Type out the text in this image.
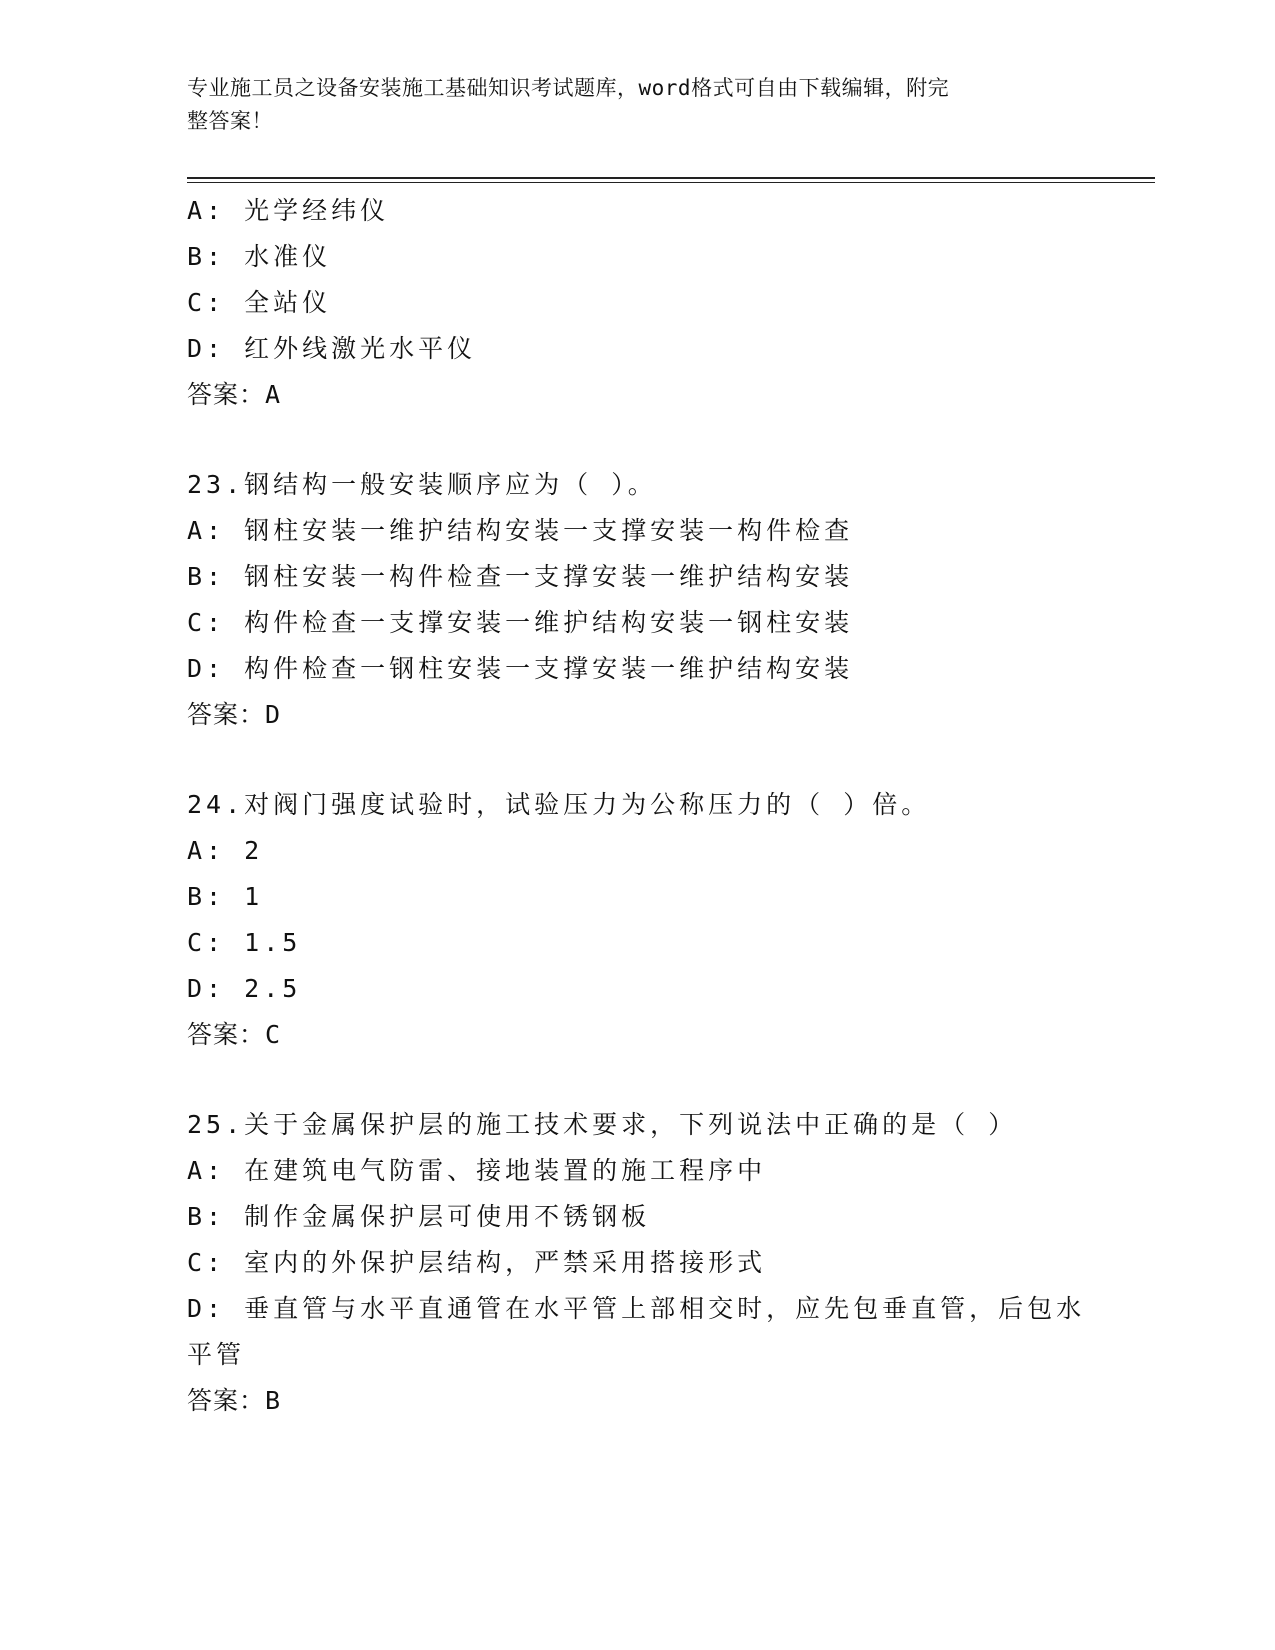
专业施工员之设备安装施工基础知识考试题库，word格式可自由下载编辑，附完
整答案！
A: 光学经纬仪
B: 水准仪
C: 全站仪
D: 红外线激光水平仪
答案：A
23.钢结构一般安装顺序应为（ ）。
A: 钢柱安装一维护结构安装一支撑安装一构件检查
B: 钢柱安装一构件检查一支撑安装一维护结构安装
C: 构件检查一支撑安装一维护结构安装一钢柱安装
D: 构件检查一钢柱安装一支撑安装一维护结构安装
答案：D
24.对阀门强度试验时，试验压力为公称压力的（ ）倍。
A: 2
B: 1
C: 1.5
D: 2.5
答案：C
25.关于金属保护层的施工技术要求，下列说法中正确的是（ ）
A: 在建筑电气防雷、接地装置的施工程序中
B: 制作金属保护层可使用不锈钢板
C: 室内的外保护层结构，严禁采用搭接形式
D: 垂直管与水平直通管在水平管上部相交时，应先包垂直管，后包水
平管
答案：B
